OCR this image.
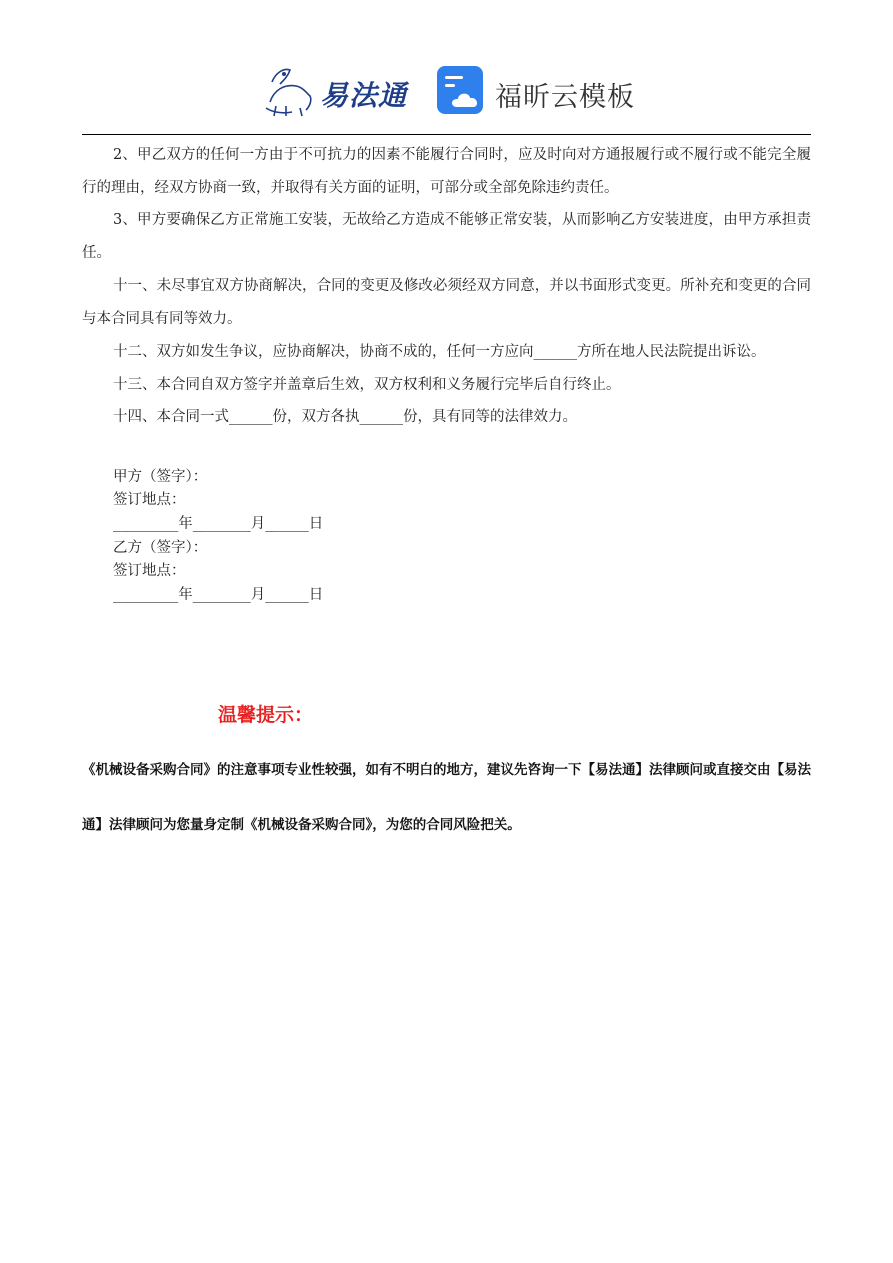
易法通	福昕云模板
2、甲乙双方的任何一方由于不可抗力的因素不能履行合同时，应及时向对方通报履行或不履行或不能完全履行的理由，经双方协商一致，并取得有关方面的证明，可部分或全部免除违约责任。
3、甲方要确保乙方正常施工安装，无故给乙方造成不能够正常安装，从而影响乙方安装进度，由甲方承担责任。
十一、未尽事宜双方协商解决，合同的变更及修改必须经双方同意，并以书面形式变更。所补充和变更的合同与本合同具有同等效力。
十二、双方如发生争议，应协商解决，协商不成的，任何一方应向______方所在地人民法院提出诉讼。
十三、本合同自双方签字并盖章后生效，双方权利和义务履行完毕后自行终止。
十四、本合同一式______份，双方各执______份，具有同等的法律效力。
甲方（签字）：
签订地点：
_________年________月______日
乙方（签字）：
签订地点：
_________年________月______日
温馨提示：
《机械设备采购合同》的注意事项专业性较强，如有不明白的地方，建议先咨询一下【易法通】法律顾问或直接交由【易法通】法律顾问为您量身定制《机械设备采购合同》，为您的合同风险把关。
